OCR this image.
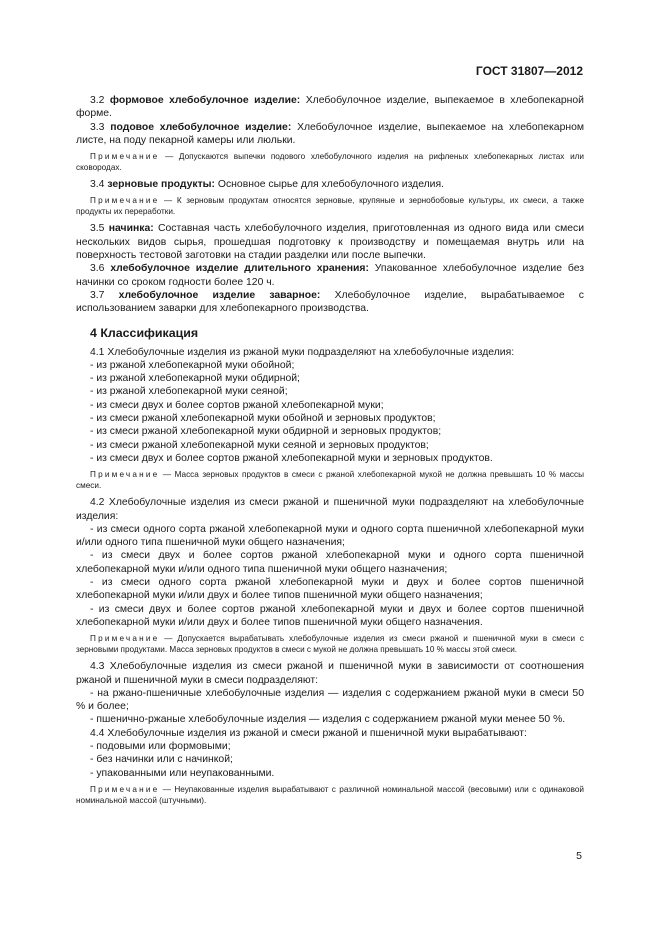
ГОСТ 31807—2012

3.2 формовое хлебобулочное изделие: Хлебобулочное изделие, выпекаемое в хлебопекарной форме.

3.3 подовое хлебобулочное изделие: Хлебобулочное изделие, выпекаемое на хлебопекарном листе, на поду пекарной камеры или люльки.

Примечание — Допускаются выпечки подового хлебобулочного изделия на рифленых хлебопекарных листах или сковородах.

3.4 зерновые продукты: Основное сырье для хлебобулочного изделия.

Примечание — К зерновым продуктам относятся зерновые, крупяные и зернобобовые культуры, их смеси, а также продукты их переработки.

3.5 начинка: Составная часть хлебобулочного изделия, приготовленная из одного вида или смеси нескольких видов сырья, прошедшая подготовку к производству и помещаемая внутрь или на поверхность тестовой заготовки на стадии разделки или после выпечки.

3.6 хлебобулочное изделие длительного хранения: Упакованное хлебобулочное изделие без начинки со сроком годности более 120 ч.

3.7 хлебобулочное изделие заварное: Хлебобулочное изделие, вырабатываемое с использованием заварки для хлебопекарного производства.

4 Классификация

4.1 Хлебобулочные изделия из ржаной муки подразделяют на хлебобулочные изделия:

- из ржаной хлебопекарной муки обойной;

- из ржаной хлебопекарной муки обдирной;

- из ржаной хлебопекарной муки сеяной;

- из смеси двух и более сортов ржаной хлебопекарной муки;

- из смеси ржаной хлебопекарной муки обойной и зерновых продуктов;

- из смеси ржаной хлебопекарной муки обдирной и зерновых продуктов;

- из смеси ржаной хлебопекарной муки сеяной и зерновых продуктов;

- из смеси двух и более сортов ржаной хлебопекарной муки и зерновых продуктов.

Примечание — Масса зерновых продуктов в смеси с ржаной хлебопекарной мукой не должна превышать 10 % массы смеси.

4.2 Хлебобулочные изделия из смеси ржаной и пшеничной муки подразделяют на хлебобулочные изделия:

- из смеси одного сорта ржаной хлебопекарной муки и одного сорта пшеничной хлебопекарной муки и/или одного типа пшеничной муки общего назначения;

- из смеси двух и более сортов ржаной хлебопекарной муки и одного сорта пшеничной хлебопекарной муки и/или одного типа пшеничной муки общего назначения;

- из смеси одного сорта ржаной хлебопекарной муки и двух и более сортов пшеничной хлебопекарной муки и/или двух и более типов пшеничной муки общего назначения;

- из смеси двух и более сортов ржаной хлебопекарной муки и двух и более сортов пшеничной хлебопекарной муки и/или двух и более типов пшеничной муки общего назначения.

Примечание — Допускается вырабатывать хлебобулочные изделия из смеси ржаной и пшеничной муки в смеси с зерновыми продуктами. Масса зерновых продуктов в смеси с мукой не должна превышать 10 % массы этой смеси.

4.3 Хлебобулочные изделия из смеси ржаной и пшеничной муки в зависимости от соотношения ржаной и пшеничной муки в смеси подразделяют:

- на ржано-пшеничные хлебобулочные изделия — изделия с содержанием ржаной муки в смеси 50 % и более;

- пшенично-ржаные хлебобулочные изделия — изделия с содержанием ржаной муки менее 50 %.

4.4 Хлебобулочные изделия из ржаной и смеси ржаной и пшеничной муки вырабатывают:

- подовыми или формовыми;

- без начинки или с начинкой;

- упакованными или неупакованными.

Примечание — Неупакованные изделия вырабатывают с различной номинальной массой (весовыми) или с одинаковой номинальной массой (штучными).

5
